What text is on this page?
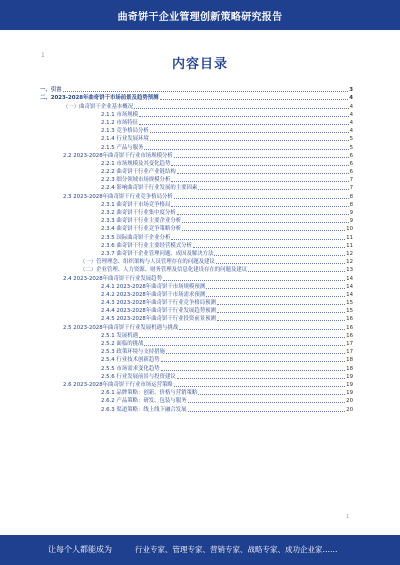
曲奇饼干企业管理创新策略研究报告
1
内容目录
一、引言	3
二、2023-2028年曲奇饼干市场前景及趋势预测	4
（一）曲奇饼干企业基本概况	4
2.1.1 市场规模	4
2.1.2 市场特征	4
2.1.3 竞争格局分析	4
2.1.4 行业发展环境	5
2.1.5 产品与服务	5
2.2 2023-2028年曲奇饼干行业市场规模分析	6
2.2.1 市场规模及其变化趋势	6
2.2.2 曲奇饼干行业产业链结构	6
2.2.3 细分领域市场规模分析	7
2.2.4 影响曲奇饼干行业发展的主要因素	7
2.3 2023-2028年曲奇饼干行业竞争格局分析	8
2.3.1 曲奇饼干市场竞争格局	8
2.3.2 曲奇饼干行业集中度分析	9
2.3.3 曲奇饼干行业主要企业分析	9
2.3.4 曲奇饼干行业竞争策略分析	10
2.3.5 国际曲奇饼干企业分析	11
2.3.6 曲奇饼干行业主要经营模式分析	11
2.3.7 曲奇饼干企业管理问题、成因及解决方法	12
（一）管理理念、组织架构与人员管理存在的问题及建议	12
（二）企业管理、人力资源、财务管理及信息化建设存在的问题及建议	13
2.4 2023-2028年曲奇饼干行业发展趋势	14
2.4.1 2023-2028年曲奇饼干市场规模预测	14
2.4.2 2023-2028年曲奇饼干市场需求预测	14
2.4.3 2023-2028年曲奇饼干行业竞争格局预测	15
2.4.4 2023-2028年曲奇饼干行业发展趋势预测	15
2.4.5 2023-2028年曲奇饼干行业投资前景预测	16
2.5 2023-2028年曲奇饼干行业发展机遇与挑战	16
2.5.1 发展机遇	16
2.5.2 面临的挑战	17
2.5.3 政策环境与支持措施	17
2.5.4 行业技术创新趋势	18
2.5.5 市场需求变化趋势	18
2.5.6 行业发展前景与投资建议	19
2.6 2023-2028年曲奇饼干行业市场运营策略	19
2.6.1 品牌策略：创新、价格与营销策略	19
2.6.2 产品策略：研发、包装与服务	20
2.6.3 渠道策略：线上线下融合发展	20
1
让每个人都能成为	行业专家、管理专家、营销专家、战略专家、成功企业家……
